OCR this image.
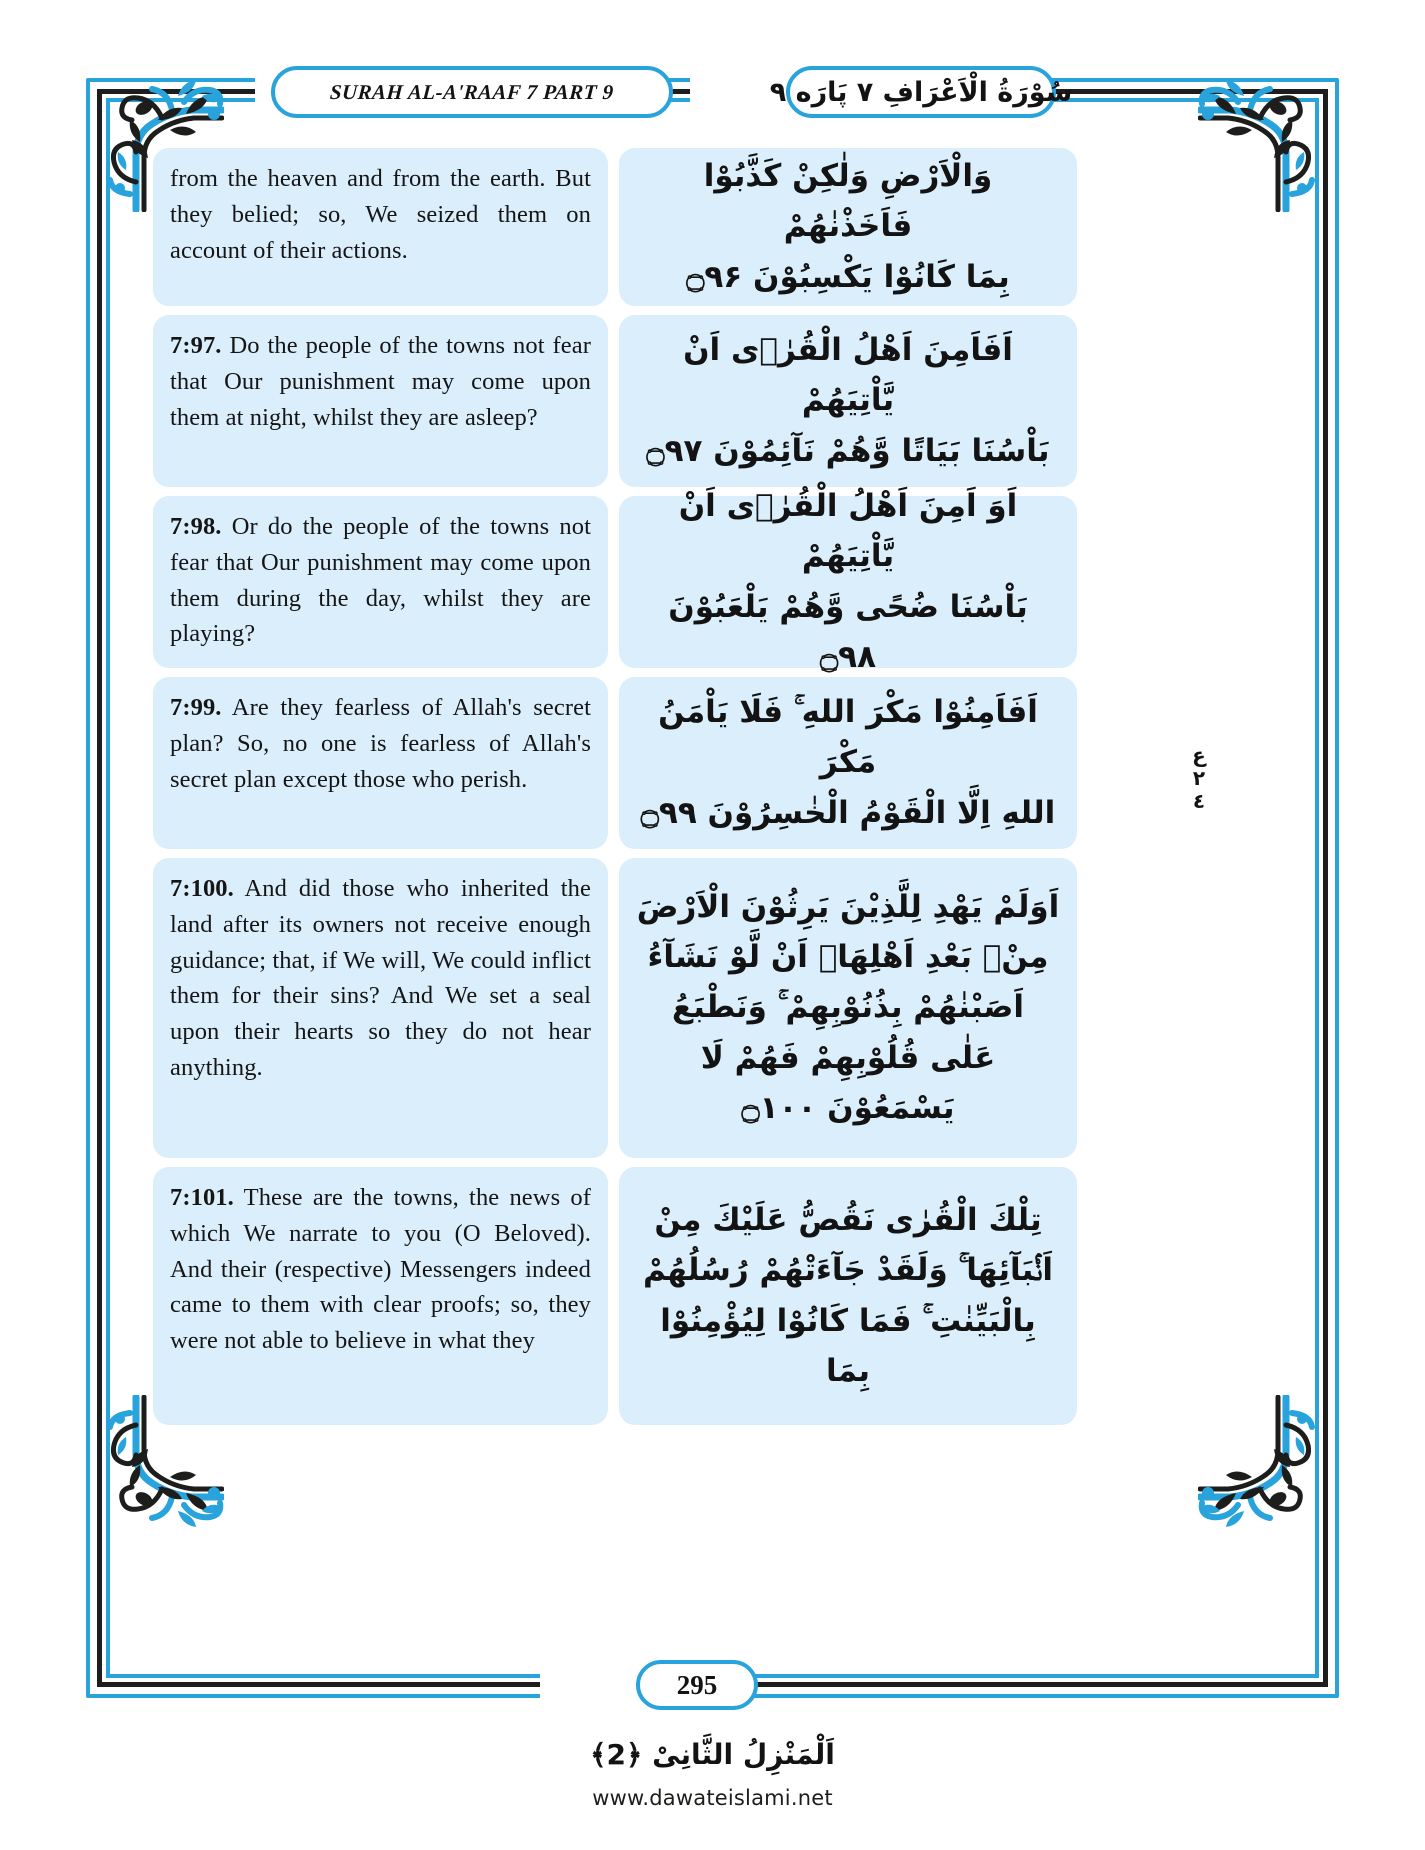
SURAH AL-A'RAAF 7 PART 9	سُوْرَةُ الْاَعْرَافِ ٧ پَارَه ٩
from the heaven and from the earth. But they belied; so, We seized them on account of their actions.
7:97. Do the people of the towns not fear that Our punishment may come upon them at night, whilst they are asleep?
7:98. Or do the people of the towns not fear that Our punishment may come upon them during the day, whilst they are playing?
7:99. Are they fearless of Allah's secret plan? So, no one is fearless of Allah's secret plan except those who perish.
7:100. And did those who inherited the land after its owners not receive enough guidance; that, if We will, We could inflict them for their sins? And We set a seal upon their hearts so they do not hear anything.
7:101. These are the towns, the news of which We narrate to you (O Beloved). And their (respective) Messengers indeed came to them with clear proofs; so, they were not able to believe in what they
وَالْاَرْضِ وَلٰكِنْ كَذَّبُوْا فَاَخَذْنٰهُمْ
بِمَا كَانُوْا يَكْسِبُوْنَ ۝۹۶
اَفَاَمِنَ اَهْلُ الْقُرٰۤى اَنْ يَّاْتِيَهُمْ
بَاْسُنَا بَيَاتًا وَّهُمْ نَآئِمُوْنَ ۝۹۷
اَوَ اَمِنَ اَهْلُ الْقُرٰۤى اَنْ يَّاْتِيَهُمْ
بَاْسُنَا ضُحًى وَّهُمْ يَلْعَبُوْنَ ۝۹۸
اَفَاَمِنُوْا مَكْرَ اللهِ ۚ فَلَا يَاْمَنُ مَكْرَ
اللهِ اِلَّا الْقَوْمُ الْخٰسِرُوْنَ ۝۹۹
اَوَلَمْ يَهْدِ لِلَّذِيْنَ يَرِثُوْنَ الْاَرْضَ
مِنْۢ بَعْدِ اَهْلِهَاۤ اَنْ لَّوْ نَشَآءُ
اَصَبْنٰهُمْ بِذُنُوْبِهِمْ ۚ وَنَطْبَعُ
عَلٰى قُلُوْبِهِمْ فَهُمْ لَا يَسْمَعُوْنَ ۝۱۰۰
تِلْكَ الْقُرٰى نَقُصُّ عَلَيْكَ مِنْ
اَنْۢبَآئِهَا ۚ وَلَقَدْ جَآءَتْهُمْ رُسُلُهُمْ
بِالْبَيِّنٰتِ ۚ فَمَا كَانُوْا لِيُؤْمِنُوْا بِمَا
ع
٢
٤
295
اَلْمَنْزِلُ الثَّانِیْ ﴿2﴾
www.dawateislami.net
